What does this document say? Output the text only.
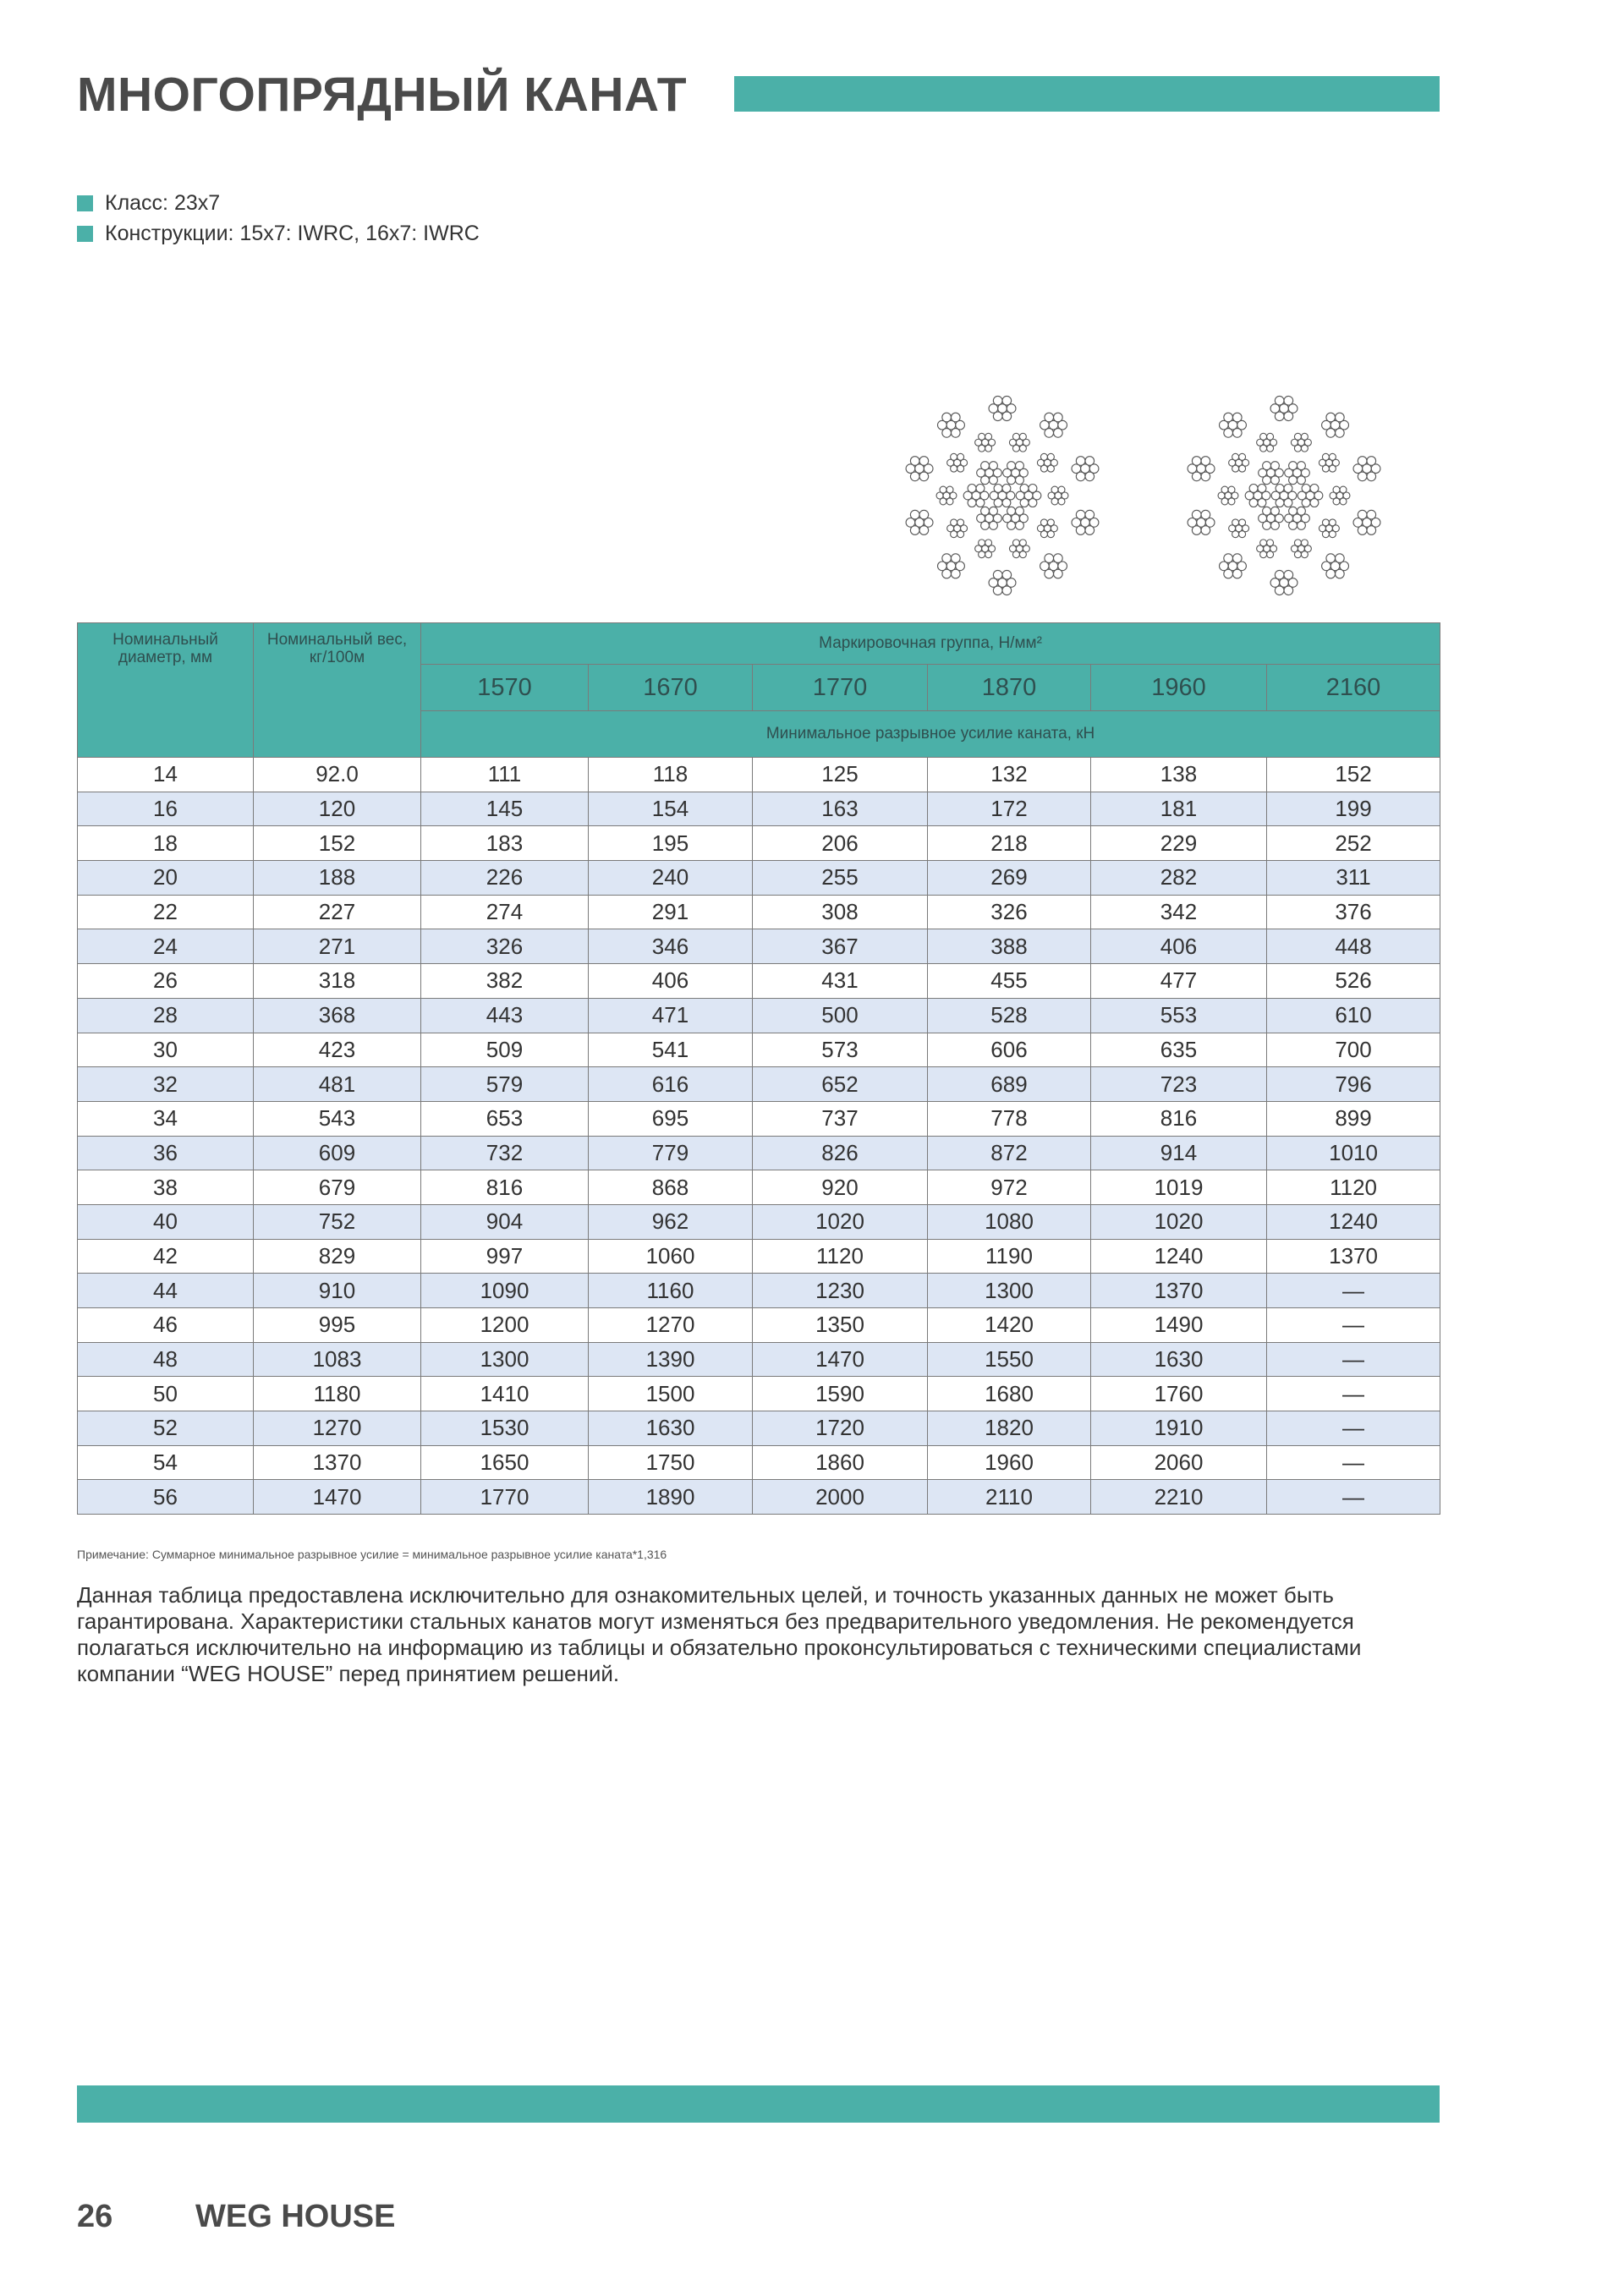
МНОГОПРЯДНЫЙ КАНАТ
Класс: 23x7
Конструкции: 15x7: IWRC, 16x7: IWRC
Номинальный диаметр, мм	Номинальный вес, кг/100м	Маркировочная группа, Н/мм²					
		1570	1670	1770	1870	1960	2160
		Минимальное разрывное усилие каната, кН					
14	92.0	111	118	125	132	138	152
16	120	145	154	163	172	181	199
18	152	183	195	206	218	229	252
20	188	226	240	255	269	282	311
22	227	274	291	308	326	342	376
24	271	326	346	367	388	406	448
26	318	382	406	431	455	477	526
28	368	443	471	500	528	553	610
30	423	509	541	573	606	635	700
32	481	579	616	652	689	723	796
34	543	653	695	737	778	816	899
36	609	732	779	826	872	914	1010
38	679	816	868	920	972	1019	1120
40	752	904	962	1020	1080	1020	1240
42	829	997	1060	1120	1190	1240	1370
44	910	1090	1160	1230	1300	1370	—
46	995	1200	1270	1350	1420	1490	—
48	1083	1300	1390	1470	1550	1630	—
50	1180	1410	1500	1590	1680	1760	—
52	1270	1530	1630	1720	1820	1910	—
54	1370	1650	1750	1860	1960	2060	—
56	1470	1770	1890	2000	2110	2210	—
Примечание: Суммарное минимальное разрывное усилие = минимальное разрывное усилие каната*1,316

Данная таблица предоставлена исключительно для ознакомительных целей, и точность указанных данных не может быть гарантирована. Характеристики стальных канатов могут изменяться без предварительного уведомления. Не рекомендуется полагаться исключительно на информацию из таблицы и обязательно проконсультироваться с техническими специалистами компании “WEG HOUSE” перед принятием решений.

26	WEG HOUSE
